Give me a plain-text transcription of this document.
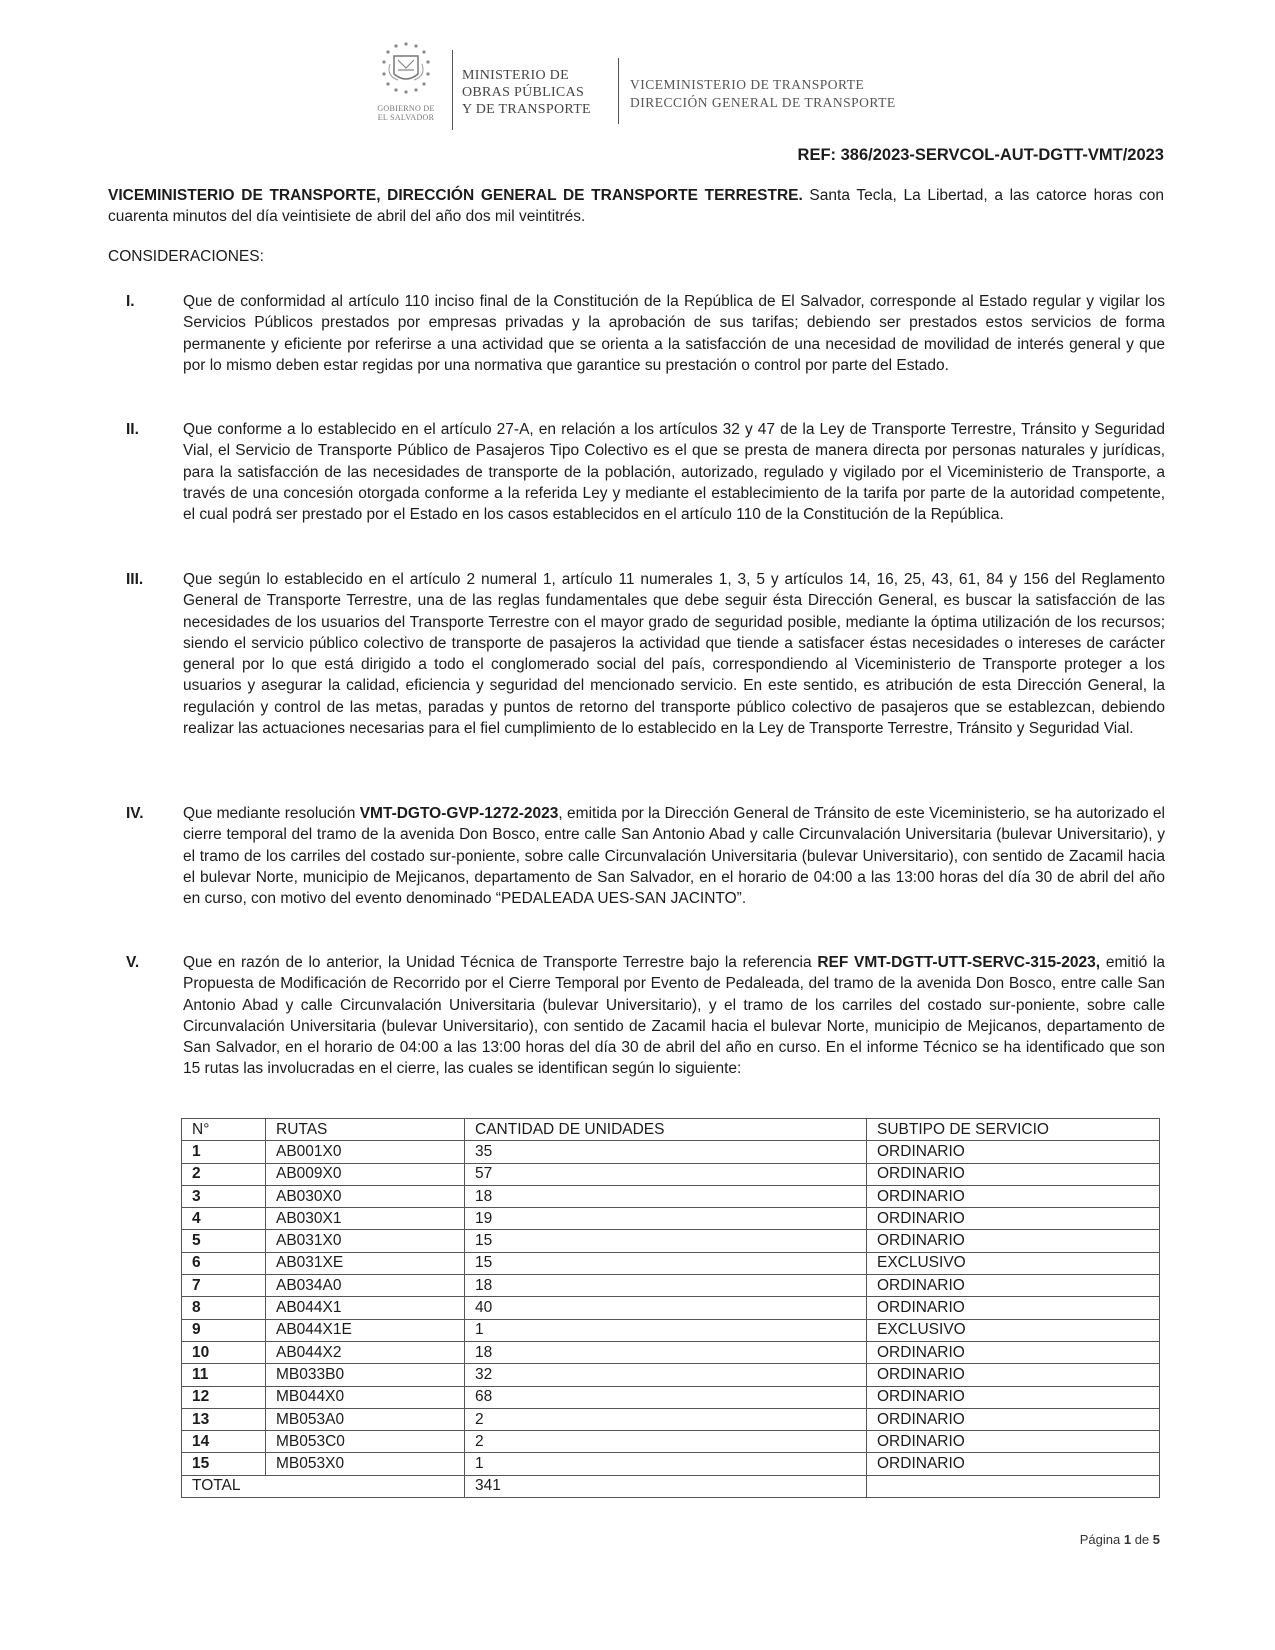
GOBIERNO DE
EL SALVADOR
MINISTERIO DE
OBRAS PÚBLICAS
Y DE TRANSPORTE
VICEMINISTERIO DE TRANSPORTE
DIRECCIÓN GENERAL DE TRANSPORTE
REF: 386/2023-SERVCOL-AUT-DGTT-VMT/2023
VICEMINISTERIO DE TRANSPORTE, DIRECCIÓN GENERAL DE TRANSPORTE TERRESTRE. Santa Tecla, La Libertad, a las catorce horas con cuarenta minutos del día veintisiete de abril del año dos mil veintitrés.
CONSIDERACIONES:
I.	Que de conformidad al artículo 110 inciso final de la Constitución de la República de El Salvador, corresponde al Estado regular y vigilar los Servicios Públicos prestados por empresas privadas y la aprobación de sus tarifas; debiendo ser prestados estos servicios de forma permanente y eficiente por referirse a una actividad que se orienta a la satisfacción de una necesidad de movilidad de interés general y que por lo mismo deben estar regidas por una normativa que garantice su prestación o control por parte del Estado.
II.	Que conforme a lo establecido en el artículo 27-A, en relación a los artículos 32 y 47 de la Ley de Transporte Terrestre, Tránsito y Seguridad Vial, el Servicio de Transporte Público de Pasajeros Tipo Colectivo es el que se presta de manera directa por personas naturales y jurídicas, para la satisfacción de las necesidades de transporte de la población, autorizado, regulado y vigilado por el Viceministerio de Transporte, a través de una concesión otorgada conforme a la referida Ley y mediante el establecimiento de la tarifa por parte de la autoridad competente, el cual podrá ser prestado por el Estado en los casos establecidos en el artículo 110 de la Constitución de la República.
III.	Que según lo establecido en el artículo 2 numeral 1, artículo 11 numerales 1, 3, 5 y artículos 14, 16, 25, 43, 61, 84 y 156 del Reglamento General de Transporte Terrestre, una de las reglas fundamentales que debe seguir ésta Dirección General, es buscar la satisfacción de las necesidades de los usuarios del Transporte Terrestre con el mayor grado de seguridad posible, mediante la óptima utilización de los recursos; siendo el servicio público colectivo de transporte de pasajeros la actividad que tiende a satisfacer éstas necesidades o intereses de carácter general por lo que está dirigido a todo el conglomerado social del país, correspondiendo al Viceministerio de Transporte proteger a los usuarios y asegurar la calidad, eficiencia y seguridad del mencionado servicio. En este sentido, es atribución de esta Dirección General, la regulación y control de las metas, paradas y puntos de retorno del transporte público colectivo de pasajeros que se establezcan, debiendo realizar las actuaciones necesarias para el fiel cumplimiento de lo establecido en la Ley de Transporte Terrestre, Tránsito y Seguridad Vial.
IV.	Que mediante resolución VMT-DGTO-GVP-1272-2023, emitida por la Dirección General de Tránsito de este Viceministerio, se ha autorizado el cierre temporal del tramo de la avenida Don Bosco, entre calle San Antonio Abad y calle Circunvalación Universitaria (bulevar Universitario), y el tramo de los carriles del costado sur-poniente, sobre calle Circunvalación Universitaria (bulevar Universitario), con sentido de Zacamil hacia el bulevar Norte, municipio de Mejicanos, departamento de San Salvador, en el horario de 04:00 a las 13:00 horas del día 30 de abril del año en curso, con motivo del evento denominado “PEDALEADA UES-SAN JACINTO”.
V.	Que en razón de lo anterior, la Unidad Técnica de Transporte Terrestre bajo la referencia REF VMT-DGTT-UTT-SERVC-315-2023, emitió la Propuesta de Modificación de Recorrido por el Cierre Temporal por Evento de Pedaleada, del tramo de la avenida Don Bosco, entre calle San Antonio Abad y calle Circunvalación Universitaria (bulevar Universitario), y el tramo de los carriles del costado sur-poniente, sobre calle Circunvalación Universitaria (bulevar Universitario), con sentido de Zacamil hacia el bulevar Norte, municipio de Mejicanos, departamento de San Salvador, en el horario de 04:00 a las 13:00 horas del día 30 de abril del año en curso. En el informe Técnico se ha identificado que son 15 rutas las involucradas en el cierre, las cuales se identifican según lo siguiente:
N°	RUTAS	CANTIDAD DE UNIDADES	SUBTIPO DE SERVICIO
1	AB001X0	35	ORDINARIO
2	AB009X0	57	ORDINARIO
3	AB030X0	18	ORDINARIO
4	AB030X1	19	ORDINARIO
5	AB031X0	15	ORDINARIO
6	AB031XE	15	EXCLUSIVO
7	AB034A0	18	ORDINARIO
8	AB044X1	40	ORDINARIO
9	AB044X1E	1	EXCLUSIVO
10	AB044X2	18	ORDINARIO
11	MB033B0	32	ORDINARIO
12	MB044X0	68	ORDINARIO
13	MB053A0	2	ORDINARIO
14	MB053C0	2	ORDINARIO
15	MB053X0	1	ORDINARIO
TOTAL		341	
Página 1 de 5
